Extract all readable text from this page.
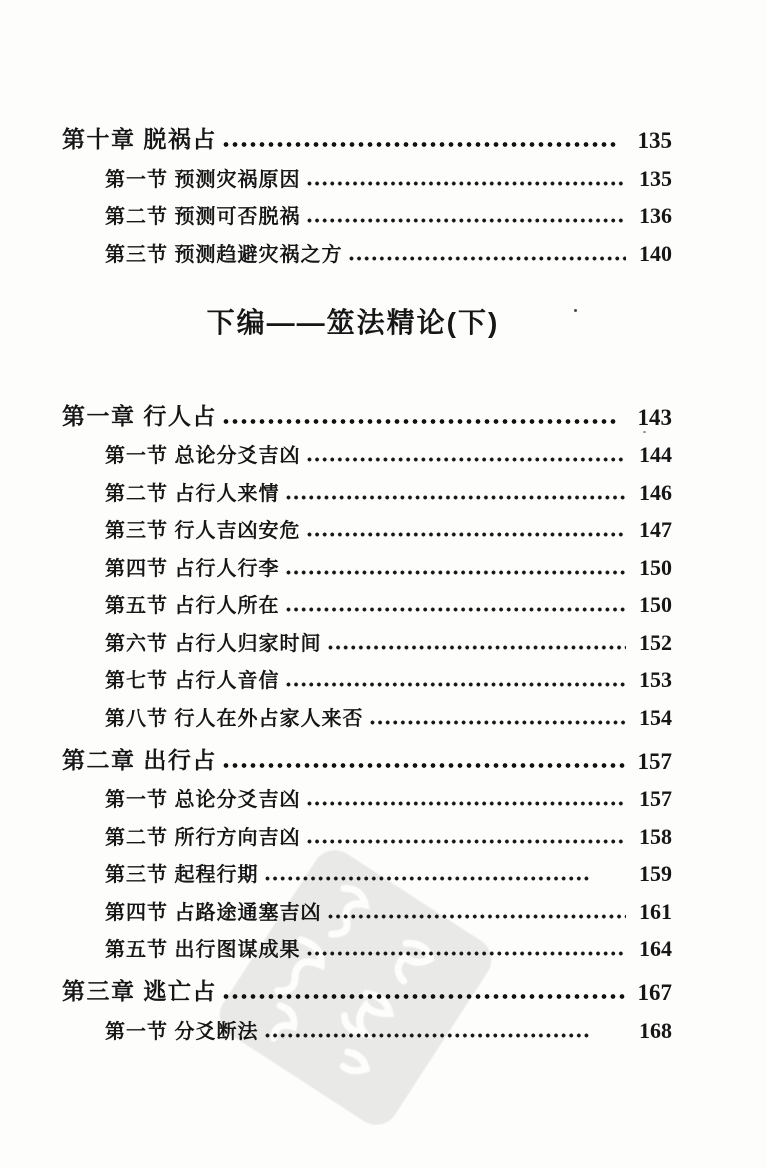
第十章 脱祸占	135
第一节 预测灾祸原因	135
第二节 预测可否脱祸	136
第三节 预测趋避灾祸之方	140
下编——筮法精论(下)
第一章 行人占	143
第一节 总论分爻吉凶	144
第二节 占行人来情	146
第三节 行人吉凶安危	147
第四节 占行人行李	150
第五节 占行人所在	150
第六节 占行人归家时间	152
第七节 占行人音信	153
第八节 行人在外占家人来否	154
第二章 出行占	157
第一节 总论分爻吉凶	157
第二节 所行方向吉凶	158
第三节 起程行期	159
第四节 占路途通塞吉凶	161
第五节 出行图谋成果	164
第三章 逃亡占	167
第一节 分爻断法	168
